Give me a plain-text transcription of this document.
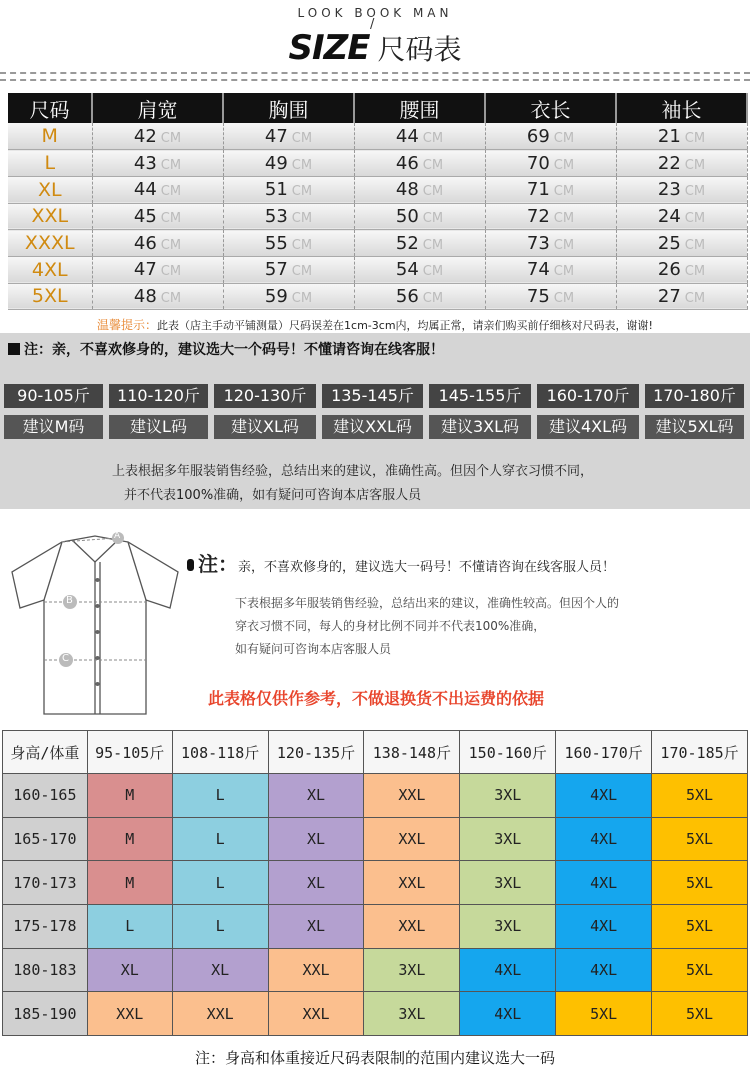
LOOK BOOK MAN
/
SIZE 尺码表
尺码	肩宽	胸围	腰围	衣长	袖长
M	42 CM	47 CM	44 CM	69 CM	21 CM
L	43 CM	49 CM	46 CM	70 CM	22 CM
XL	44 CM	51 CM	48 CM	71 CM	23 CM
XXL	45 CM	53 CM	50 CM	72 CM	24 CM
XXXL	46 CM	55 CM	52 CM	73 CM	25 CM
4XL	47 CM	57 CM	54 CM	74 CM	26 CM
5XL	48 CM	59 CM	56 CM	75 CM	27 CM
温馨提示：此表（店主手动平铺测量）尺码误差在1cm-3cm内，均属正常，请亲们购买前仔细核对尺码表，谢谢!
注：亲，不喜欢修身的，建议选大一个码号！不懂请咨询在线客服！
90-105斤
建议M码
110-120斤
建议L码
120-130斤
建议XL码
135-145斤
建议XXL码
145-155斤
建议3XL码
160-170斤
建议4XL码
170-180斤
建议5XL码
上表根据多年服装销售经验，总结出来的建议，准确性高。但因个人穿衣习惯不同，
并不代表100%准确，如有疑问可咨询本店客服人员
A
B
C
注：亲，不喜欢修身的，建议选大一码号！不懂请咨询在线客服人员！
下表根据多年服装销售经验，总结出来的建议，准确性较高。但因个人的
穿衣习惯不同，每人的身材比例不同并不代表100%准确，
如有疑问可咨询本店客服人员
此表格仅供作参考，不做退换货不出运费的依据
身高/体重	95-105斤	108-118斤	120-135斤	138-148斤	150-160斤	160-170斤	170-185斤
160-165	M	L	XL	XXL	3XL	4XL	5XL
165-170	M	L	XL	XXL	3XL	4XL	5XL
170-173	M	L	XL	XXL	3XL	4XL	5XL
175-178	L	L	XL	XXL	3XL	4XL	5XL
180-183	XL	XL	XXL	3XL	4XL	4XL	5XL
185-190	XXL	XXL	XXL	3XL	4XL	5XL	5XL
注：身高和体重接近尺码表限制的范围内建议选大一码
